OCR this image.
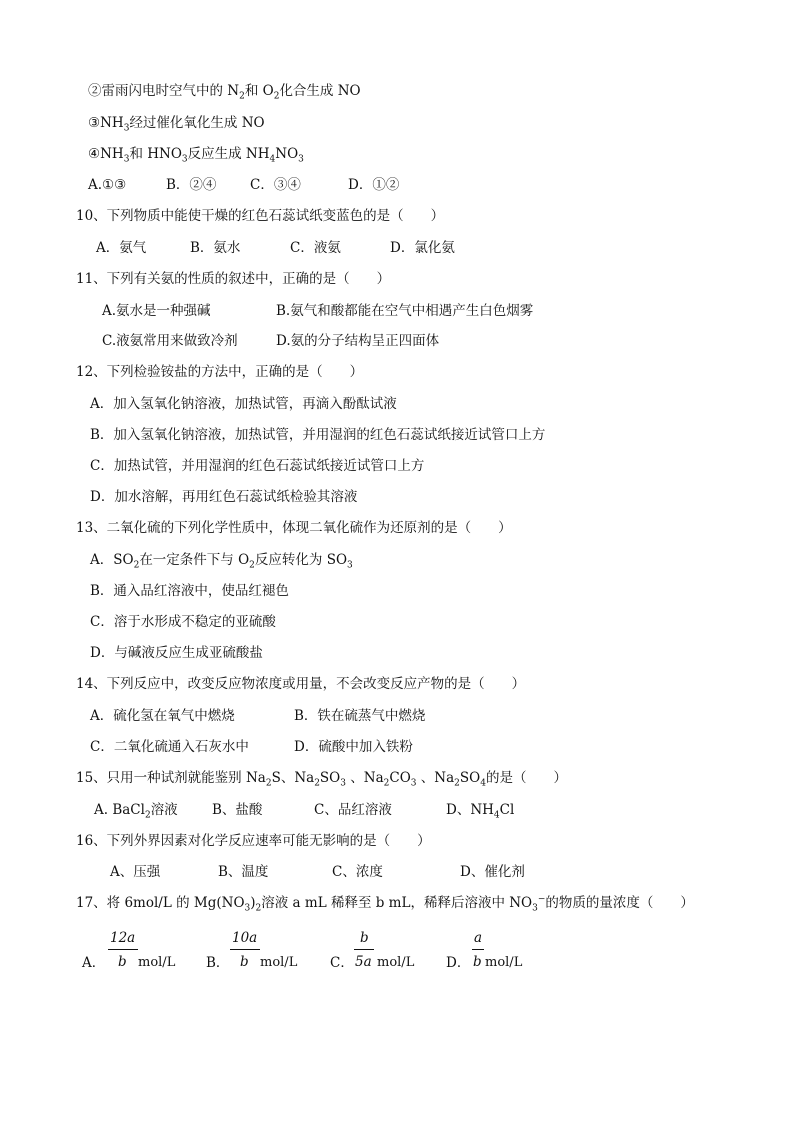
②雷雨闪电时空气中的 $N_2$和 $O_2$化合生成 NO
$③NH_3$经过催化氧化生成 NO
$④NH_3$和 $HNO_3$反应生成 $NH_4NO_3$
A.①③	B．②④ C．③④	D．①②
10、下列物质中能使干燥的红色石蕊试纸变蓝色的是（　　）
A．氨气	B．氨水	C．液氨	D．氯化氨
11、下列有关氨的性质的叙述中，正确的是（　　）
A.氨水是一种强碱	B.氨气和酸都能在空气中相遇产生白色烟雾
C.液氨常用来做致冷剂	D.氨的分子结构呈正四面体
12、下列检验铵盐的方法中，正确的是（　　）
A．加入氢氧化钠溶液，加热试管，再滴入酚酞试液
B．加入氢氧化钠溶液，加热试管，并用湿润的红色石蕊试纸接近试管口上方
C．加热试管，并用湿润的红色石蕊试纸接近试管口上方
D．加水溶解，再用红色石蕊试纸检验其溶液
13、二氧化硫的下列化学性质中，体现二氧化硫作为还原剂的是（　　）
A．$SO_2$在一定条件下与 $O_2$反应转化为 $SO_3$
B．通入品红溶液中，使品红褪色
C．溶于水形成不稳定的亚硫酸
D．与碱液反应生成亚硫酸盐
14、下列反应中，改变反应物浓度或用量，不会改变反应产物的是（　　）
A．硫化氢在氧气中燃烧	B．铁在硫蒸气中燃烧
C．二氧化硫通入石灰水中	D．硫酸中加入铁粉
15、只用一种试剂就能鉴别 $Na_2S$、$Na_2SO_3$ 、$Na_2CO_3$ 、$Na_2SO_4$的是（　　）
A. BaCl$_2$溶液	B、盐酸	C、品红溶液	D、$NH_4Cl$
16、下列外界因素对化学反应速率可能无影响的是（　　）
A、压强	B、温度	C、浓度	D、催化剂
17、将 6mol/L 的 $Mg(NO_3)_2$溶液 a mL 稀释至 b mL，稀释后溶液中 $NO_3^-$的物质的量浓度（　　）
A．
12a
b mol/L B．
10a
b mol/L C．
b
5a mol/L D．
a
b mol/L
